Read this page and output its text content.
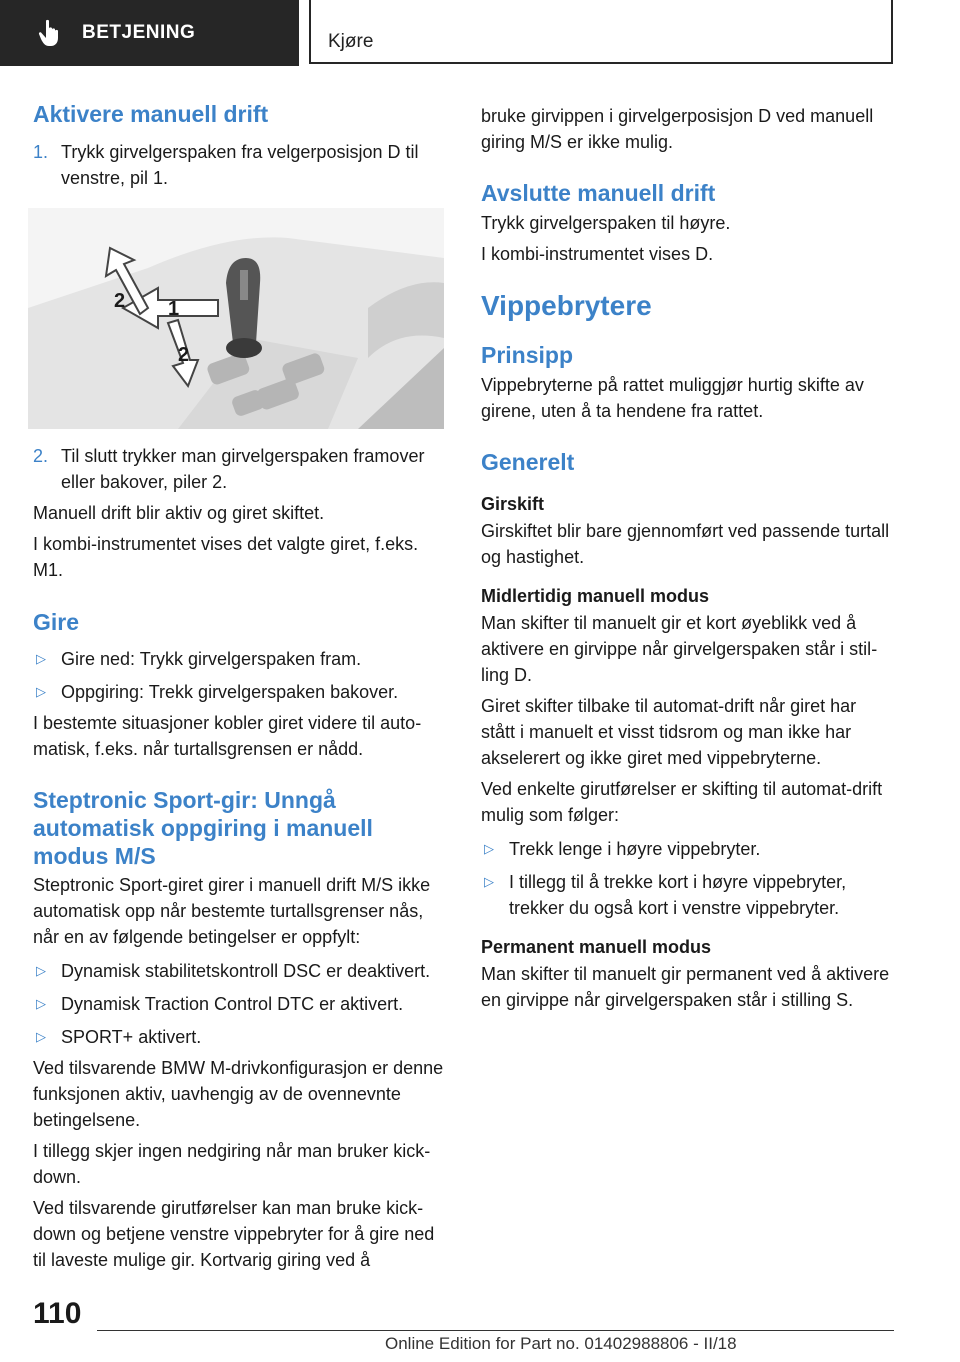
BETJENING	Kjøre
Aktivere manuell drift
1. Trykk girvelgerspaken fra velgerposisjon D til venstre, pil 1.
2 1
2
2. Til slutt trykker man girvelgerspaken framover eller bakover, piler 2.

Manuell drift blir aktiv og giret skiftet.

I kombi-instrumentet vises det valgte giret, f.eks. M1.

Gire
▷ Gire ned: Trykk girvelgerspaken fram.
▷ Oppgiring: Trekk girvelgerspaken bakover.

I bestemte situasjoner kobler giret videre til automatisk, f.eks. når turtallsgrensen er nådd.

Steptronic Sport-gir: Unngå automatisk oppgiring i manuell modus M/S

Steptronic Sport-giret girer i manuell drift M/S ikke automatisk opp når bestemte turtallsgrenser nås, når en av følgende betingelser er oppfylt:

▷ Dynamisk stabilitetskontroll DSC er deaktivert.
▷ Dynamisk Traction Control DTC er aktivert.
▷ SPORT+ aktivert.

Ved tilsvarende BMW M-drivkonfigurasjon er denne funksjonen aktiv, uavhengig av de ovennevnte betingelsene.

I tillegg skjer ingen nedgiring når man bruker kick-down.

Ved tilsvarende girutførelser kan man bruke kick-down og betjene venstre vippebryter for å gire ned til laveste mulige gir. Kortvarig giring ved å

bruke girvippen i girvelgerposisjon D ved manuell giring M/S er ikke mulig.

Avslutte manuell drift

Trykk girvelgerspaken til høyre.

I kombi-instrumentet vises D.

Vippebrytere
Prinsipp

Vippebryterne på rattet muliggjør hurtig skifte av girene, uten å ta hendene fra rattet.

Generelt
Girskift

Girskiftet blir bare gjennomført ved passende turtall og hastighet.

Midlertidig manuell modus

Man skifter til manuelt gir et kort øyeblikk ved å aktivere en girvippe når girvelgerspaken står i stilling D.

Giret skifter tilbake til automat-drift når giret har stått i manuelt et visst tidsrom og man ikke har akselerert og ikke giret med vippebryterne.

Ved enkelte girutførelser er skifting til automat-drift mulig som følger:

▷ Trekk lenge i høyre vippebryter.
▷ I tillegg til å trekke kort i høyre vippebryter, trekker du også kort i venstre vippebryter.
Permanent manuell modus

Man skifter til manuelt gir permanent ved å aktivere en girvippe når girvelgerspaken står i stilling S.

110
Online Edition for Part no. 01402988806 - II/18
